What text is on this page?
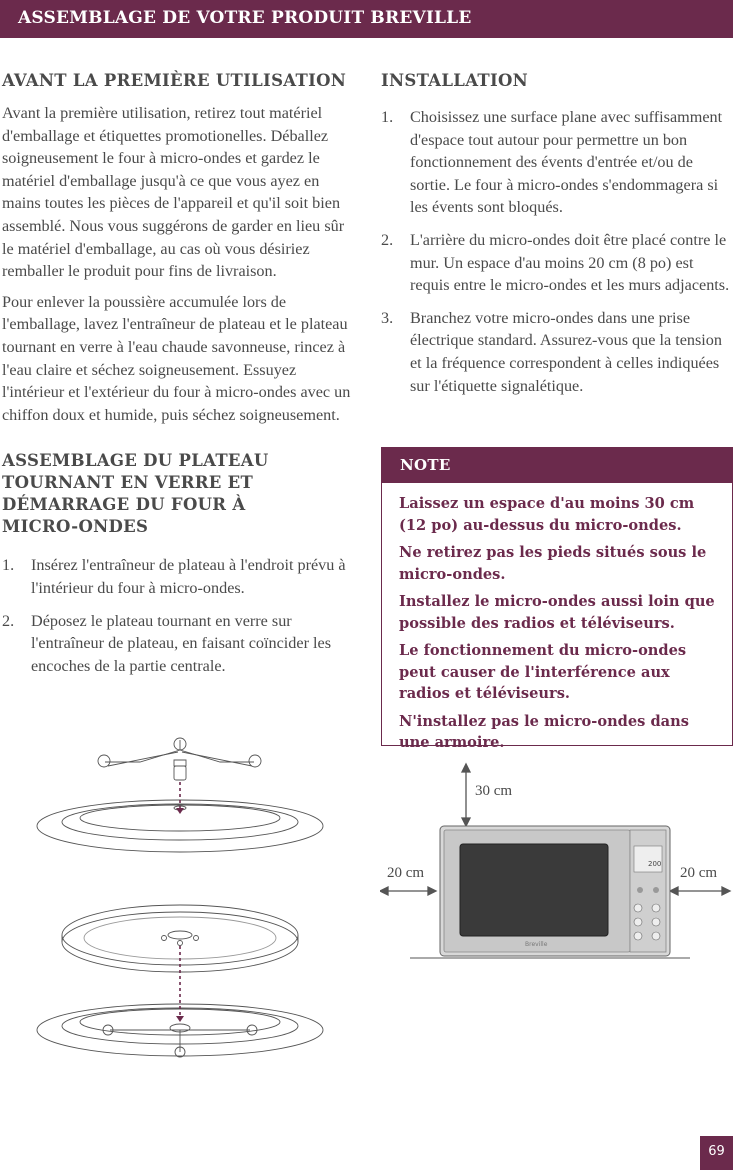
ASSEMBLAGE DE VOTRE PRODUIT BREVILLE
AVANT LA PREMIÈRE UTILISATION

Avant la première utilisation, retirez tout matériel d'emballage et étiquettes promotionelles. Déballez soigneusement le four à micro-ondes et gardez le matériel d'emballage jusqu'à ce que vous ayez en mains toutes les pièces de l'appareil et qu'il soit bien assemblé. Nous vous suggérons de garder en lieu sûr le matériel d'emballage, au cas où vous désiriez remballer le produit pour fins de livraison.

Pour enlever la poussière accumulée lors de l'emballage, lavez l'entraîneur de plateau et le plateau tournant en verre à l'eau chaude savonneuse, rincez à l'eau claire et séchez soigneusement. Essuyez l'intérieur et l'extérieur du four à micro-ondes avec un chiffon doux et humide, puis séchez soigneusement.

ASSEMBLAGE DU PLATEAU TOURNANT EN VERRE ET DÉMARRAGE DU FOUR À MICRO-ONDES
1. Insérez l'entraîneur de plateau à l'endroit prévu à l'intérieur du four à micro-ondes.
2. Déposez le plateau tournant en verre sur l'entraîneur de plateau, en faisant coïncider les encoches de la partie centrale.
INSTALLATION
1. Choisissez une surface plane avec suffisamment d'espace tout autour pour permettre un bon fonctionnement des évents d'entrée et/ou de sortie. Le four à micro-ondes s'endommagera si les évents sont bloqués.
2. L'arrière du micro-ondes doit être placé contre le mur. Un espace d'au moins 20 cm (8 po) est requis entre le micro-ondes et les murs adjacents.
3. Branchez votre micro-ondes dans une prise électrique standard. Assurez-vous que la tension et la fréquence correspondent à celles indiquées sur l'étiquette signalétique.
NOTE

Laissez un espace d'au moins 30 cm (12 po) au-dessus du micro-ondes.

Ne retirez pas les pieds situés sous le micro-ondes.

Installez le micro-ondes aussi loin que possible des radios et téléviseurs.

Le fonctionnement du micro-ondes peut causer de l'interférence aux radios et téléviseurs.

N'installez pas le micro-ondes dans une armoire.

200
Breville
30 cm
20 cm	20 cm
69
